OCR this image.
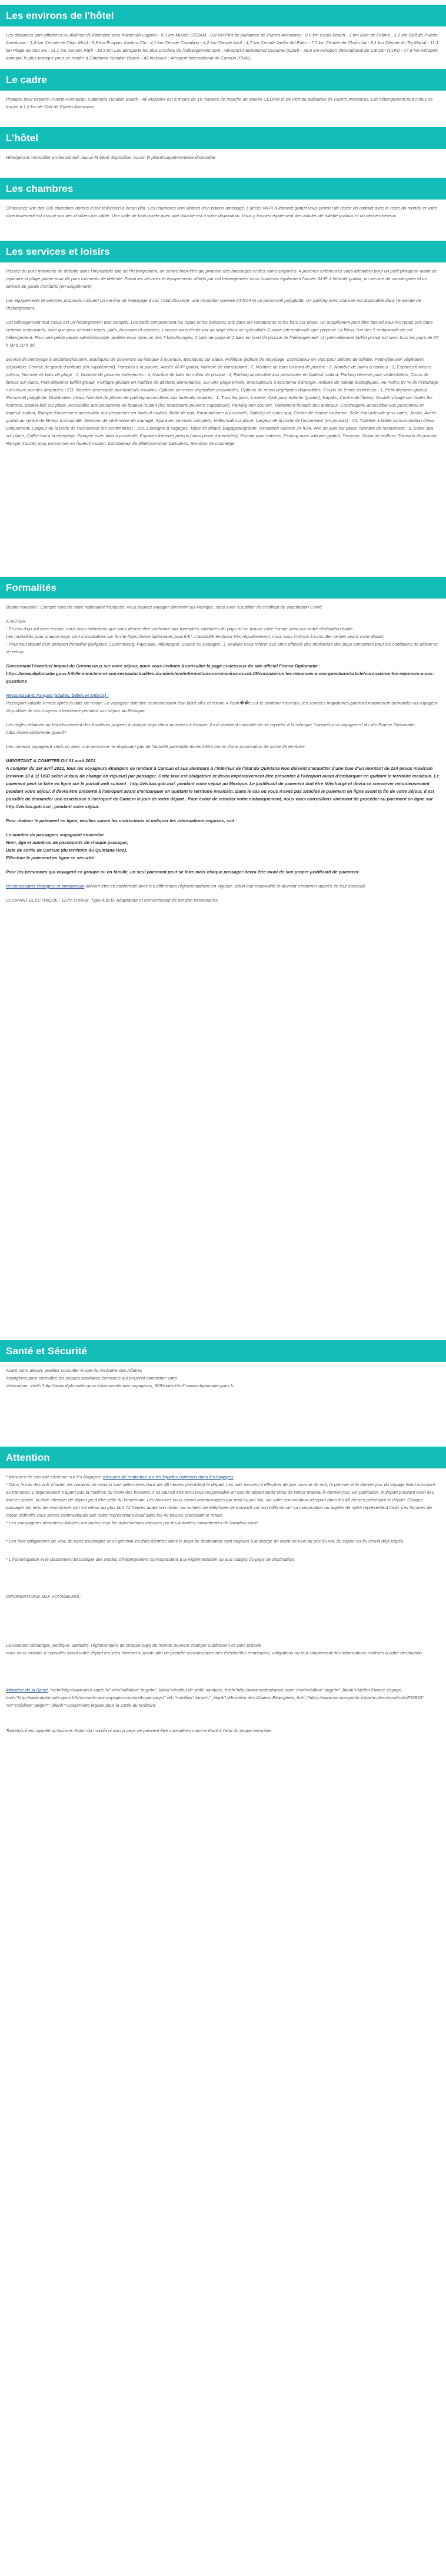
Les environs de l'hôtel

Les distances sont affichées au dixième de kilomètre près Kantenah Lagoon - 0,3 km Musée CEDAM - 0,8 km Port de plaisance de Puerto Aventuras - 0,9 km Oasis Beach - 1 km Baie de Fatima - 1,2 km Golf de Puerto Aventuras - 1,4 km Cénote de Chac Mool - 3,9 km Écoparc Kantun Chi - 4,1 km Cénote Cristalino - 4,2 km Cénote Azul - 4,7 km Cénote Jardin del Eden - 7,7 km Cénote de Chikin-ha - 8,1 km Cénote du Taj Mahal - 11,1 km Plage de Xpu Ha - 11,1 km Xenses Park - 16,3 km Les aéroports les plus proches de l'hébergement sont : Aéroport international Cozumel (CZM) - 39,6 km Aéroport international de Cancún (CUN) - 77,8 km Aéroport principal le plus pratique pour se rendre à Catalonia Yucatan Beach - All Inclusive : Aéroport international de Cancún (CUN).

Le cadre

Pratique pour explorer Puerto Aventuras, Catalonia Yucatan Beach - All Inclusive est à moins de 15 minutes de marche de Musée CEDAM et de Port de plaisance de Puerto Aventuras. Cet hébergement tout inclus se trouve à 1,6 km de Golf de Puerto Aventuras.

L'hôtel

Hôte/gérant immobilier professionnel, Aucun lit bébé disponible, Aucun lit pliant/supplémentaire disponible

Les chambres

Choisissez une des 205 chambres dotées d'une télévision à écran plat. Les chambres sont dotées d'un balcon aménagé. L'accès Wi-Fi à Internet gratuit vous permet de rester en contact avec le reste du monde et votre divertissement est assuré par des chaînes par câble. Une salle de bain privée avec une douche est à votre disposition. Vous y trouvez également des articles de toilette gratuits et un sèche-cheveux.

Les services et loisirs

Passez de purs moments de détente dans l'incroyable spa de l'hébergement, un centre bien-être qui propose des massages et des soins corporels. 4 piscines extérieures vous attendent pour un petit plongeon avant de rejoindre la plage privée pour de purs moments de détente. Parmi les services et équipements offerts par cet hébergement vous trouverez également l'accès Wi-Fi à Internet gratuit, un service de conciergerie et un service de garde d'enfants (en supplément).

Les équipements et services proposés incluent un service de nettoyage à sec / blanchisserie, une réception ouverte 24 h/24 et un personnel polyglotte. Un parking avec voiturier est disponible dans l'enceinte de l'hébergement.

Cet hébergement tout inclus est un hébergement tout compris. Les tarifs comprennent les repas et les boissons pris dans les restaurants et les bars sur place. Un supplément peut être facturé pour les repas pris dans certains restaurants, ainsi que pour certains repas, plats, boissons et services. Laissez-vous tenter par un large choix de spécialités Cuisine internationale que propose La Brisa, l'un des 5 restaurants de cet hébergement. Pour une petite pause rafraîchissante, arrêtez-vous dans un des 7 bars/lounges, 2 bars de plage et 2 bars en bord de piscine de l'hébergement. Un petit-déjeuner buffet gratuit est servi tous les jours de 07 h 00 à 10 h 30.

Service de nettoyage à sec/blanchisserie, Boutiques de souvenirs ou kiosque à journaux, Boutiques sur place, Politique globale de recyclage, Distributeur en vrac pour articles de toilette, Petit-déjeuner végétarien disponible, Service de garde d'enfants (en supplément), Parasols à la piscine, Accès Wi-Fi gratuit, Nombre de bars/salons : 7, Nombre de bars en bord de piscine : 2, Nombre de bains à remous : 1, Espaces fumeurs prévus, Nombre de bars de plage : 2, Nombre de piscines extérieures : 4, Nombre de bars en milieu de piscine : 2, Parking accessible aux personnes en fauteuil roulant, Parking réservé pour visites/hôtes, Cours de fitness sur place, Petit-déjeuner buffet gratuit, Politique globale en matière de déchets alimentaires, Sur une plage privée, Interrupteurs à économie d'énergie, Articles de toilette écologiques, Au moins 80 % de l'éclairage est assuré par des ampoules LED, Navette accessible aux fauteuils roulants, Options de menu végétalien disponibles, Options de menu végétarien disponibles, Courts de tennis extérieurs : 1, Petit-déjeuner gratuit, Personnel polyglotte, Distributeur d'eau, Nombre de places de parking accessibles aux fauteuils roulants : 1, Tous les jours, Laverie, Club pour enfants (gratuit), Kayaks, Centre de fitness, Double vitrage sur toutes les fenêtres, Basket-ball sur place, Accessible aux personnes en fauteuil roulant (les restrictions peuvent s'appliquer), Parking non couvert, Traitement humain des animaux, Conciergerie accessible aux personnes en fauteuil roulant, Rampe d'ascenseur accessible aux personnes en fauteuil roulant, Boîte de nuit, Parachutisme à proximité, Salle(s) de soins spa, Centre de remise en forme, Salle d'arcades/de jeux vidéo, Jardin, Accès gratuit au centre de fitness à proximité, Services de cérémonie de mariage, Spa avec services complets, Volley-ball sur place, Largeur de la porte de l'ascenseur (en pouces) : 40, Toilettes à faible consommation d'eau uniquement, Largeur de la porte de l'ascenseur (en centimètres) : 100, Consigne à bagages, Table de billard, Bagagiste/groom, Réception ouverte 24 h/24, Aire de jeux sur place, Nombre de restaurants : 5, Soins spa sur place, Coffre-fort à la réception, Plongée avec tuba à proximité, Espaces fumeurs prévus (sous peine d'amendes), Piscine pour enfants, Parking avec voiturier gratuit, Terrasse, Salon de coiffure, Transats de piscine, Rampe d'accès pour personnes en fauteuil roulant, Distributeur de billets/services bancaires, Services de concierge

Formalités

Bonne nouvelle : Compte tenu de votre nationalité française, vous pouvez voyager librement au Mexique, sans avoir à justifier de certificat de vaccination Covid.

A NOTER
- En cas d'un vol avec escale, nous vous informons que vous devrez être conforme aux formalités sanitaires du pays où se trouve votre escale ainsi que votre destination finale.
Les modalités pour chaque pays sont consultables sur le site https://www.diplomatie.gouv.fr/fr/. L'actualité évoluant très régulièrement, nous vous invitons à consulter ce lien avant votre départ.
- Pour tout départ d'un aéroport frontalier (Belgique, Luxembourg, Pays-Bas, Allemagne, Suisse ou Espagne...), veuillez vous référer aux sites officiels des ministères des pays concernés pour les conditions de départ et de retour.

Concernant l'évantuel impact du Coronavirus sur votre séjour, nous vous invitons à consulter la page ci-dessous du site officiel France Diplomatie :
https://www.diplomatie.gouv.fr/fr/le-ministere-et-son-reseau/actualites-du-ministere/informations-coronavirus-covid-19/coronavirus-les-reponses-a-vos-questions/article/coronavirus-les-reponses-a-vos-questions

Ressortissants français (adultes, bébés et enfants) :
Passeport valable 6 mois après la date de retour. Le voyageur doit être en possession d'un billet aller et retour. A l'entr��e sur le territoire mexicain, les services migratoires pourront notamment demander au voyageur de justifier de ses moyens d'existence pendant son séjour au Mexique.

Les règles relatives au franchissement des frontières propres à chaque pays étant amenées à évoluer, il est vivement conseillé de se reporter à la rubrique "conseils aux voyageurs" du site France Diplomatie, https://www.diplomatie.gouv.fr/.

Les mineurs voyageant seuls ou avec une personne ne disposant pas de l'autorité parentale doivent être munis d'une autorisation de sortie de territoire.

IMPORTANT A COMPTER DU 01 avril 2021
A compter du 1er avril 2021, tous les voyageurs étrangers se rendant à Cancun et aux alentours à l'intérieur de l'état du Quintana Roo doivent s'acquitter d'une taxe d'un montant de 224 pesos mexicain (environ 10 à 11 USD selon le taux de change en vigueur) par passager. Cette taxe est obligatoire et devra impérativement être présentée à l'aéroport avant d'embarquer en quittant le territoire mexicain. Le paiement peut se faire en ligne sur le portail web suivant : http://visitax.gob.mx/, pendant votre séjour au Mexique. Le justificatif de paiement doit être téléchargé et devra se conserver minutieusement pendant votre séjour. Il devra être présenté à l'aéroport avant d'embarquer en quittant le territoire mexicain. Dans le cas où vous n'avez pas anticipé le paiement en ligne avant la fin de votre séjour, il est possible de demander une assistance à l'aéroport de Cancun le jour de votre départ . Pour éviter de retarder votre embarquement, nous vous conseillons vivement de procéder au paiement en ligne sur http://visitax.gob.mx/ , pendant votre séjour.

Pour réaliser le paiement en ligne, veuillez suivre les instructions et indiquer les informations requises, soit :

Le nombre de passagers voyageant ensemble
Nom, âge et numéros de passeports de chaque passager,
Date de sortie de Cancun (du territoire du Quintana Roo),
Effectuer le paiement en ligne en sécurité

Pour les personnes qui voyagent en groupe ou en famille, un seul paiement peut se faire mais chaque passager devra être muni de son propre justificatif de paiement.

Ressortissants étrangers et binationaux doivent être en conformité avec les différentes réglementations en vigueur, selon leur nationalité et devront s'informer auprès de leur consulat.

COURANT ELECTRIQUE : 127V et 60Hz. Type A et B. Adaptateur et convertisseur de tension nécessaires.

Santé et Sécurité

Avant votre départ, veuillez consulter le site du ministère des Affaires
étrangères pour connaître les risques sanitaires éventuels qui peuvent concerner votre
destination : href="http://www.diplomatie.gouv.fr/fr/conseils-aux-voyageurs_909/index.html">www.diplomatie.gouv.fr

Attention

* Mesures de sécurité aérienne sur les bagages: mesures de restriction sur les liquides contenus dans les bagages.
* Dans le cas des vols charter, les horaires de ceux-ci sont déterminés dans les 48 heures précédent le départ. Les vols peuvent s'effectuer de jour comme de nuit, le premier et le dernier jour du voyage étant consacré au transport. L'organisateur n'ayant pas la maîtrise du choix des horaires, il se saurait être tenu pour responsable en cas de départ tardif et/ou de retour matinal le dernier jour. En particulier, le départ pouvant avoir lieu tard en soirée, la date effective de départ peut être celle du lendemain. Les horaires vous seront communiqués par mail ou par fax, sur votre convocation aéroport dans les 48 heures précédant le départ. Chaque passager est tenu de reconfirmer son vol retour au plus tard 72 heures avant son retour au numéro de téléphone se trouvant sur son billet ou sur sa convocation ou auprès de notre représentant local. Les horaires de retour définitifs vous seront communiqués par notre représentant local dans les 48 heures précédant le retour.
* Les compagnies aériennes utilisées ont toutes reçu les autorisations requises par les autorités compétentes de l'aviation civile.

* Les frais obligatoires de visa, de carte touristique et en général les frais d'entrée dans le pays de destination sont toujours à la charge du client en plus du prix du vol, du séjour ou du circuit déjà réglés.

* L'homologation et le classement touristique des modes d'hébergement correspondent à la réglementation ou aux usages du pays de destination.

INFORMATIONS AUX VOYAGEURS :

La situation climatique, politique, sanitaire, réglementaire de chaque pays du monde pouvant changer subitement et sans préavis
nous vous invitons à consulter avant votre départ les sites Internet suivants afin de prendre connaissance des éventuelles restrictions, obligations ou tout simplement des informations relatives à votre destination.

Ministère de la Santé, href="http://www.invs.sante.fr/" rel="nofollow" target="_blank">Institut de veille sanitaire, href="http://www.meteofrance.com" rel="nofollow" target="_blank">Météo France Voyage, href="http://www.diplomatie.gouv.fr/fr/conseils-aux-voyageurs/conseils-par-pays/" rel="nofollow" target="_blank">Ministère des Affaires Etrangères, href="https://www.service-public.fr/particuliers/vosdroits/F32833" rel="nofollow" target="_blank">Documents légaux pour la sortie du territoire.

Toutefois il est rappelé qu'aucune région du monde ni aucun pays ne peuvent être considérés comme étant à l'abri du risque terroriste.
